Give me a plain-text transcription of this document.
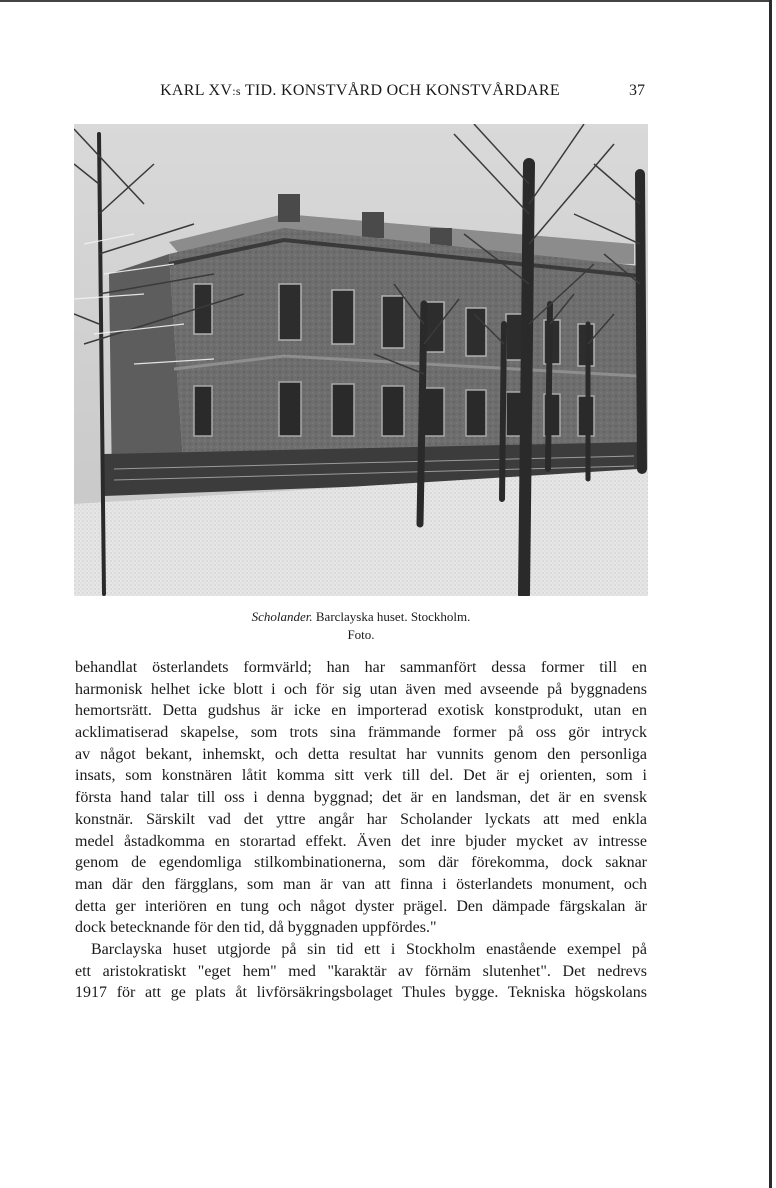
KARL XV:s TID. KONSTVÅRD OCH KONSTVÅRDARE	37
Scholander. Barclayska huset. Stockholm.
Foto.
behandlat österlandets formvärld; han har sammanfört dessa former till en
harmonisk helhet icke blott i och för sig utan även med avseende på byggnadens
hemortsrätt. Detta gudshus är icke en importerad exotisk konstprodukt, utan en
acklimatiserad skapelse, som trots sina främmande former på oss gör intryck
av något bekant, inhemskt, och detta resultat har vunnits genom den personliga
insats, som konstnären låtit komma sitt verk till del. Det är ej orienten, som i
första hand talar till oss i denna byggnad; det är en landsman, det är en svensk
konstnär. Särskilt vad det yttre angår har Scholander lyckats att med enkla
medel åstadkomma en storartad effekt. Även det inre bjuder mycket av intresse
genom de egendomliga stilkombinationerna, som där förekomma, dock saknar
man där den färgglans, som man är van att finna i österlandets monument, och
detta ger interiören en tung och något dyster prägel. Den dämpade färgskalan är
dock betecknande för den tid, då byggnaden uppfördes."
Barclayska huset utgjorde på sin tid ett i Stockholm enastående exempel på
ett aristokratiskt "eget hem" med "karaktär av förnäm slutenhet". Det nedrevs
1917 för att ge plats åt livförsäkringsbolaget Thules bygge. Tekniska högskolans
